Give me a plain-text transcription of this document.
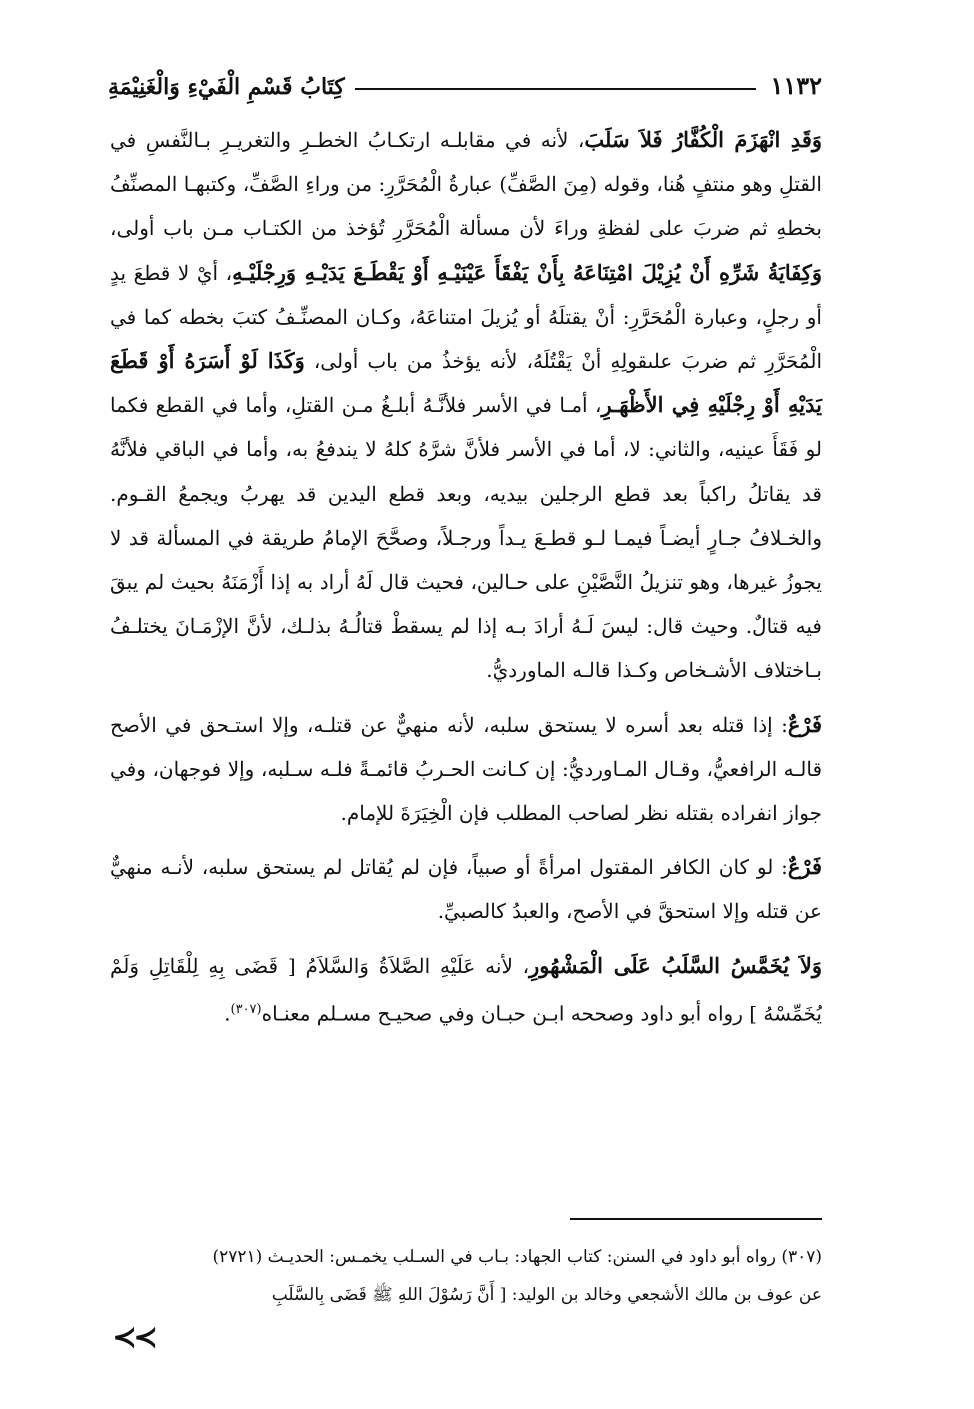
١١٣٢
كِتَابُ قَسْمِ الْفَيْءِ وَالْغَنِيْمَةِ

وَقَدِ انْهَزَمَ الْكُفَّارُ فَلاَ سَلَبَ، لأنه في مقابلـه ارتكـابُ الخطـرِ والتغريـرِ بـالنَّفسِ في القتلِ وهو منتفٍ هُنا، وقوله (مِنَ الصَّفِّ) عبارةُ الْمُحَرَّرِ: من وراءِ الصَّفِّ، وكتبهـا المصنِّفُ بخطهِ ثم ضربَ على لفظةِ وراءَ لأن مسألة الْمُحَرَّرِ تُؤخذ من الكتـاب مـن باب أولى، وَكِفَايَةُ شَرِّهِ أَنْ يُزِيْلَ امْتِنَاعَهُ بِأَنْ يَفْقَأَ عَيْنَيْـهِ أَوْ يَقْطَـعَ يَدَيْـهِ وَرِجْلَيْـهِ، أيْ لا قطعَ يدٍ أو رجلٍ، وعبارة الْمُحَرَّرِ: أنْ يقتلَهُ أو يُزيلَ امتناعَهُ، وكـان المصنِّـفُ كتبَ بخطه كما في الْمُحَرَّرِ ثم ضربَ علىقولِهِ أنْ يَقْتُلَهُ، لأنه يؤخذُ من باب أولى، وَكَذَا لَوْ أَسَرَهُ أَوْ قَطَعَ يَدَيْهِ أَوْ رِجْلَيْهِ فِي الأَظْهَـرِ، أمـا في الأسر فلأنَّـهُ أبلـغُ مـن القتلِ، وأما في القطع فكما لو فَقَأَ عينيه، والثاني: لا، أما في الأسر فلأنَّ شرَّهُ كلهُ لا يندفعُ به، وأما في الباقي فلأنَّهُ قد يقاتلُ راكباً بعد قطع الرجلين بيديه، وبعد قطع اليدين قد يهربُ ويجمعُ القـوم. والخـلافُ جـارٍ أيضـاً فيمـا لـو قطـعَ يـداً ورجـلاً، وصحَّحَ الإمامُ طريقة في المسألة قد لا يجوزُ غيرها، وهو تنزيلُ النَّصَّيْنِ على حـالين، فحيث قال لَهُ أراد به إذا أَزْمَنَهُ بحيث لم يبقَ فيه قتالٌ. وحيث قال: ليسَ لَـهُ أرادَ بـه إذا لم يسقطْ قتالُـهُ بذلـك، لأنَّ الإزْمَـانَ يختلـفُ بـاختلاف الأشـخاص وكـذا قالـه الماورديُّ.

فَرْعٌ: إذا قتله بعد أسره لا يستحق سلبه، لأنه منهيٌّ عن قتلـه، وإلا استـحق في الأصح قالـه الرافعيُّ، وقـال المـاورديُّ: إن كـانت الحـربُ قائمـةً فلـه سـلبه، وإلا فوجهان، وفي جواز انفراده بقتله نظر لصاحب المطلب فإن الْخِيَرَةَ للإمام.

فَرْعٌ: لو كان الكافر المقتول امرأةً أو صبياً، فإن لم يُقاتل لم يستحق سلبه، لأنـه منهيٌّ عن قتله وإلا استحقَّ في الأصح، والعبدُ كالصبيِّ.

وَلاَ يُخَمَّسُ السَّلَبُ عَلَى الْمَشْهُورِ، لأنه عَلَيْهِ الصَّلاَةُ وَالسَّلاَمُ [ قَضَى بِهِ لِلْقَاتِلِ وَلَمْ يُخَمِّسْهُ ] رواه أبو داود وصححه ابـن حبـان وفي صحيـح مسـلم معنـاه$^{(٣٠٧)}$.

(٣٠٧) رواه أبو داود في السنن: كتاب الجهاد: بـاب في السـلب يخمـس: الحديـث (٢٧٢١)

عن عوف بن مالك الأشجعي وخالد بن الوليد: [ أَنَّ رَسُوْلَ اللهِ ﷺ قَضَى بِالسَّلَبِ

≺≺
